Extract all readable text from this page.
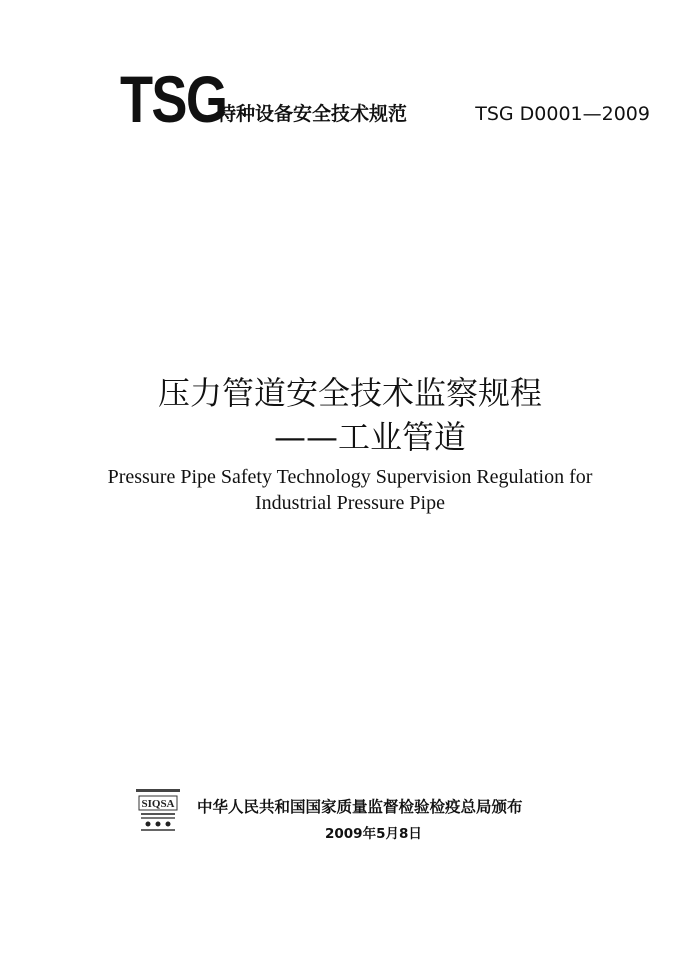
TSG
特种设备安全技术规范	TSG D0001—2009
压力管道安全技术监察规程
——工业管道
Pressure Pipe Safety Technology Supervision Regulation for
Industrial Pressure Pipe
SIQSA 中华人民共和国国家质量监督检验检疫总局颁布
2009年5月8日
